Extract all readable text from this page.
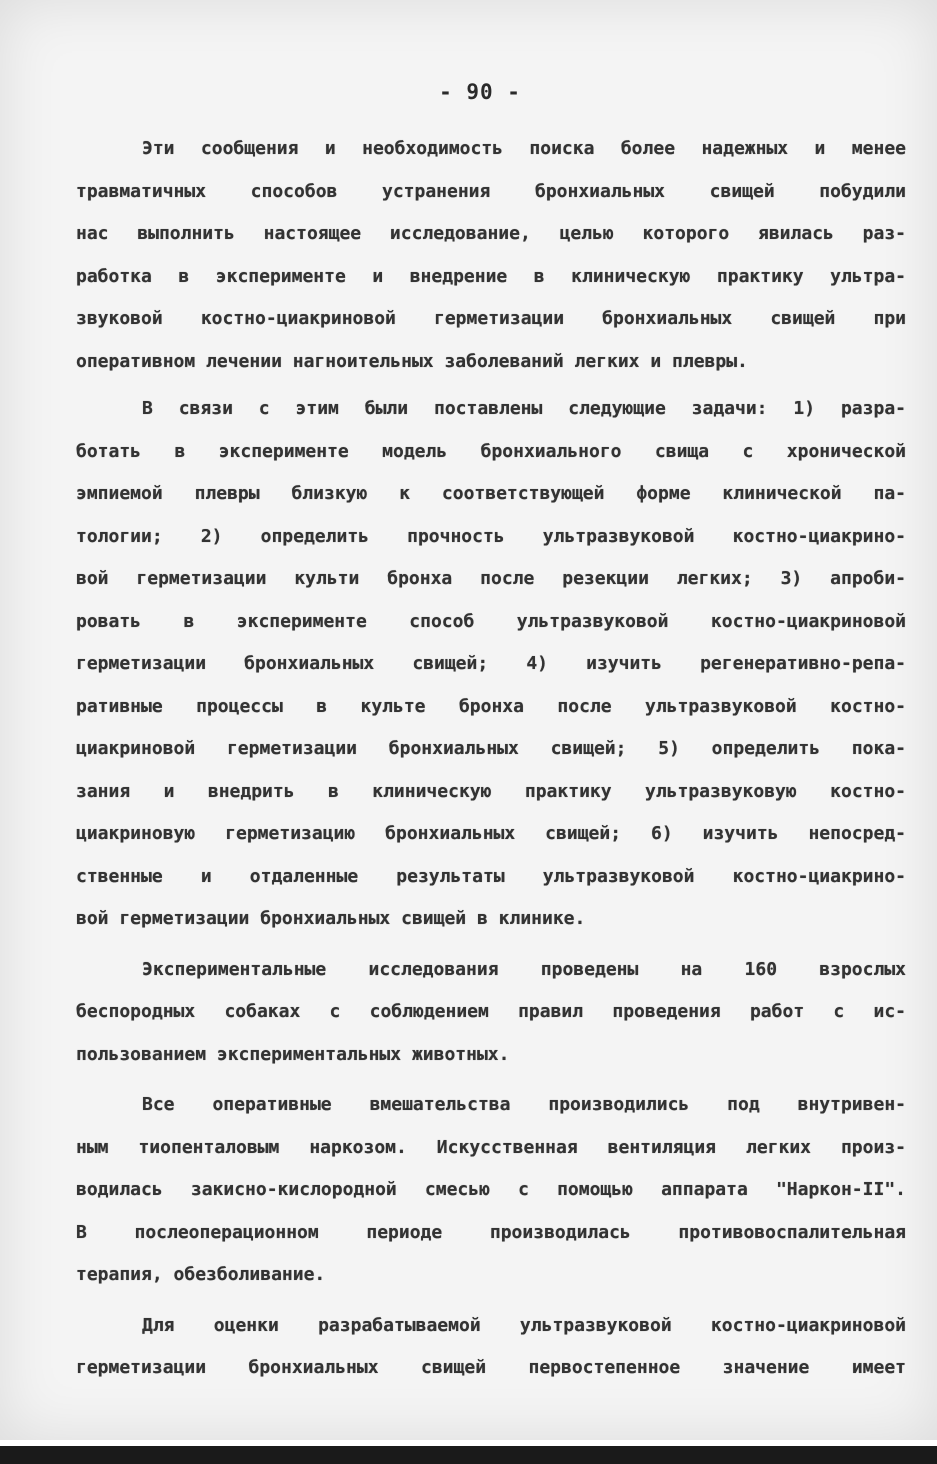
- 90 -
Эти сообщения и необходимость поиска более надежных и менее
травматичных способов устранения бронхиальных свищей побудили
нас выполнить настоящее исследование, целью которого явилась раз-
работка в эксперименте и внедрение в клиническую практику ультра-
звуковой костно-циакриновой герметизации бронхиальных свищей при
оперативном лечении нагноительных заболеваний легких и плевры.
В связи с этим были поставлены следующие задачи: 1) разра-
ботать в эксперименте модель бронхиального свища с хронической
эмпиемой плевры близкую к соответствующей форме клинической па-
тологии; 2) определить прочность ультразвуковой костно-циакрино-
вой герметизации культи бронха после резекции легких; 3) апроби-
ровать в эксперименте способ ультразвуковой костно-циакриновой
герметизации бронхиальных свищей; 4) изучить регенеративно-репа-
ративные процессы в культе бронха после ультразвуковой костно-
циакриновой герметизации бронхиальных свищей; 5) определить пока-
зания и внедрить в клиническую практику ультразвуковую костно-
циакриновую герметизацию бронхиальных свищей; 6) изучить непосред-
ственные и отдаленные результаты ультразвуковой костно-циакрино-
вой герметизации бронхиальных свищей в клинике.
Экспериментальные исследования проведены на 160 взрослых
беспородных собаках с соблюдением правил проведения работ с ис-
пользованием экспериментальных животных.
Все оперативные вмешательства производились под внутривен-
ным тиопенталовым наркозом. Искусственная вентиляция легких произ-
водилась закисно-кислородной смесью с помощью аппарата "Наркон-II".
В послеоперационном периоде производилась противовоспалительная
терапия, обезболивание.
Для оценки разрабатываемой ультразвуковой костно-циакриновой
герметизации бронхиальных свищей первостепенное значение имеет
